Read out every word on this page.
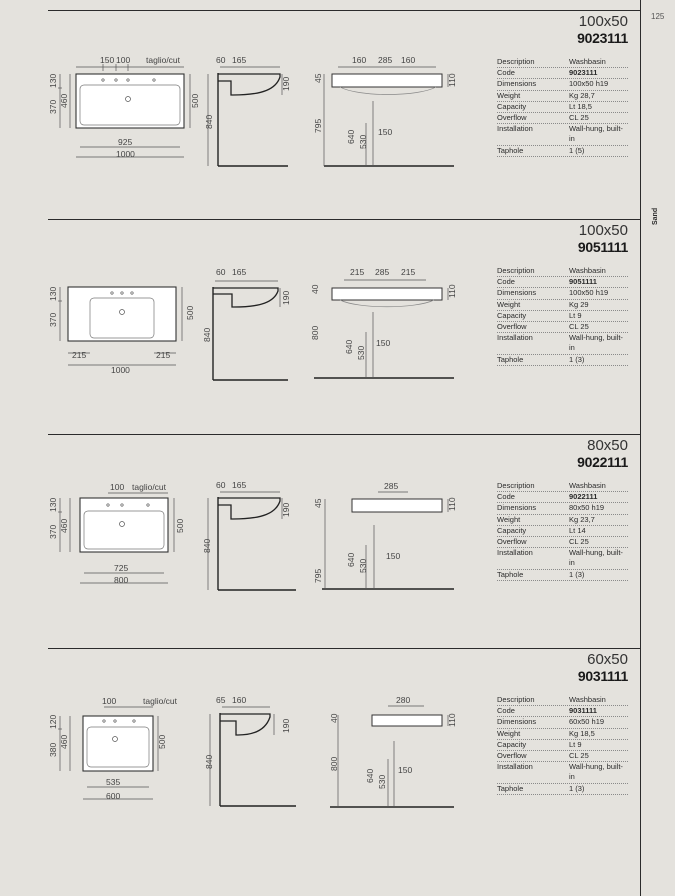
125
Sand
100x50
9023111
150 100 taglio/cut
130
370 460	500
925
1000
60 165
190
840
160 285 160
45	110
795
640 530
150
Description	Washbasin
Code	9023111
Dimensions	100x50 h19
Weight	Kg 28,7
Capacity	Lt 18,5
Overflow	CL 25
Installation	Wall-hung, built-in
Taphole	1 (5)
100x50
9051111
130
370	500
215	215
1000
60 165
190
840
215 285 215
40	110
800
640 530
150
Description	Washbasin
Code	9051111
Dimensions	100x50 h19
Weight	Kg 29
Capacity	Lt 9
Overflow	CL 25
Installation	Wall-hung, built-in
Taphole	1 (3)
80x50
9022111
100 taglio/cut
130
370 460	500
725
800
60 165
190
840
285
45	110
795
640 530
150
Description	Washbasin
Code	9022111
Dimensions	80x50 h19
Weight	Kg 23,7
Capacity	Lt 14
Overflow	CL 25
Installation	Wall-hung, built-in
Taphole	1 (3)
60x50
9031111
100	taglio/cut
120
380
460	500
535
600
65 160
190
840
280
40	110
800
640 530
150
Description	Washbasin
Code	9031111
Dimensions	60x50 h19
Weight	Kg 18,5
Capacity	Lt 9
Overflow	CL 25
Installation	Wall-hung, built-in
Taphole	1 (3)
